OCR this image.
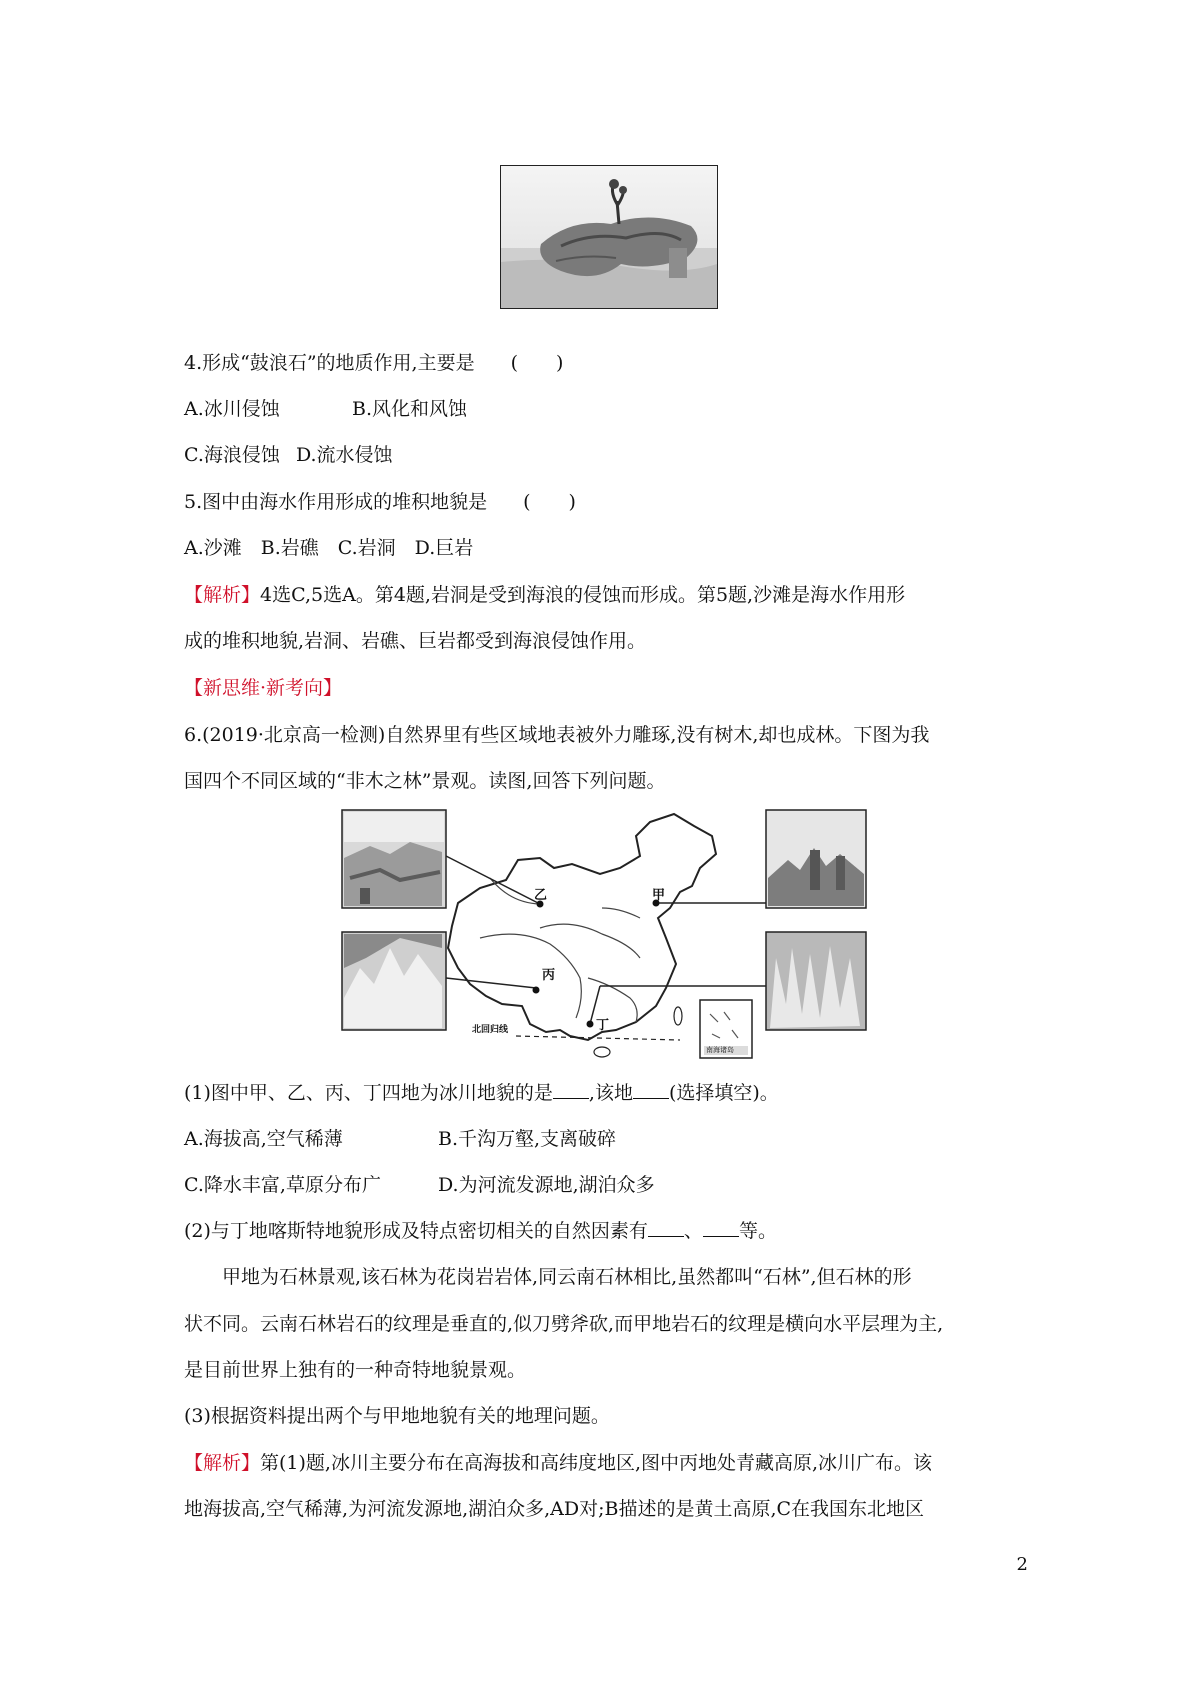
4.形成“鼓浪石”的地质作用,主要是 (　　)
A.冰川侵蚀	B.风化和风蚀
C.海浪侵蚀 D.流水侵蚀
5.图中由海水作用形成的堆积地貌是 (　　)
A.沙滩　B.岩礁　C.岩洞　D.巨岩
【解析】4选C,5选A。第4题,岩洞是受到海浪的侵蚀而形成。第5题,沙滩是海水作用形
成的堆积地貌,岩洞、岩礁、巨岩都受到海浪侵蚀作用。
【新思维·新考向】
6.(2019·北京高一检测)自然界里有些区域地表被外力雕琢,没有树木,却也成林。下图为我
国四个不同区域的“非木之林”景观。读图,回答下列问题。
甲
乙
丙
丁
北回归线
南海诸岛
(1)图中甲、乙、丙、丁四地为冰川地貌的是 ,该地 (选择填空)。
A.海拔高,空气稀薄	B.千沟万壑,支离破碎
C.降水丰富,草原分布广	D.为河流发源地,湖泊众多
(2)与丁地喀斯特地貌形成及特点密切相关的自然因素有 、 等。
甲地为石林景观,该石林为花岗岩岩体,同云南石林相比,虽然都叫“石林”,但石林的形
状不同。云南石林岩石的纹理是垂直的,似刀劈斧砍,而甲地岩石的纹理是横向水平层理为主,
是目前世界上独有的一种奇特地貌景观。
(3)根据资料提出两个与甲地地貌有关的地理问题。
【解析】第(1)题,冰川主要分布在高海拔和高纬度地区,图中丙地处青藏高原,冰川广布。该
地海拔高,空气稀薄,为河流发源地,湖泊众多,AD对;B描述的是黄土高原,C在我国东北地区
2
